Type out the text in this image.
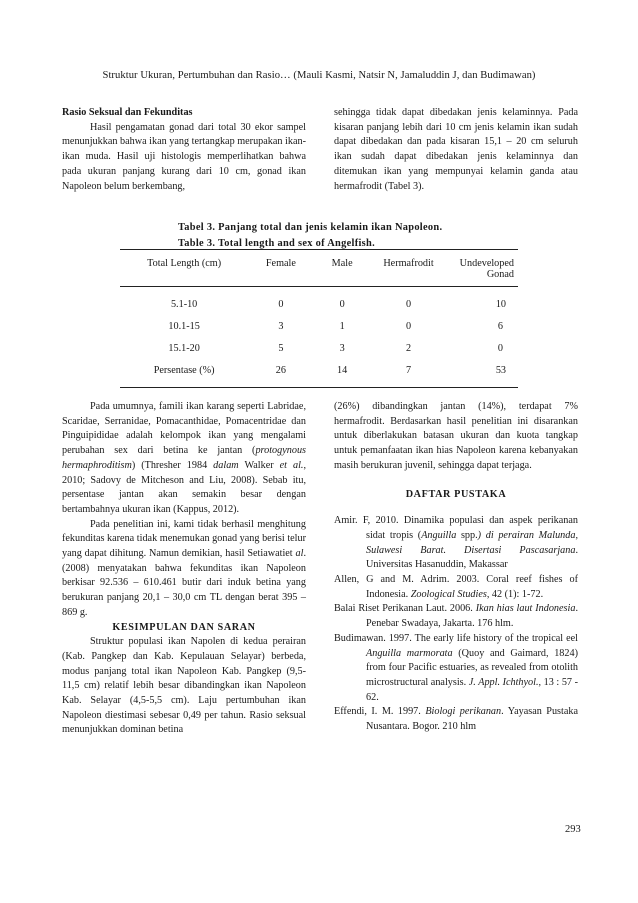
Struktur Ukuran, Pertumbuhan dan Rasio… (Mauli Kasmi, Natsir N, Jamaluddin J, dan Budimawan)

Rasio Seksual dan Fekunditas

Hasil pengamatan gonad dari total 30 ekor sampel menunjukkan bahwa ikan yang tertangkap merupakan ikan-ikan muda. Hasil uji histologis memperlihatkan bahwa pada ukuran panjang kurang dari 10 cm, gonad ikan Napoleon belum berkembang,

sehingga tidak dapat dibedakan jenis kelaminnya. Pada kisaran panjang lebih dari 10 cm jenis kelamin ikan sudah dapat dibedakan dan pada kisaran 15,1 – 20 cm seluruh ikan sudah dapat dibedakan jenis kelaminnya dan ditemukan ikan yang mempunyai kelamin ganda atau hermafrodit (Tabel 3).

Tabel 3. Panjang total dan jenis kelamin ikan Napoleon.
Table 3. Total length and sex of Angelfish.
Total Length (cm)	Female	Male	Hermafrodit	Undeveloped Gonad
5.1-10	0	0	0	10
10.1-15	3	1	0	6
15.1-20	5	3	2	0
Persentase (%)	26	14	7	53

Pada umumnya, famili ikan karang seperti Labridae, Scaridae, Serranidae, Pomacanthidae, Pomacentridae dan Pinguipididae adalah kelompok ikan yang mengalami perubahan sex dari betina ke jantan (protogynous hermaphroditism) (Thresher 1984 dalam Walker et al., 2010; Sadovy de Mitcheson and Liu, 2008). Sebab itu, persentase jantan akan semakin besar dengan bertambahnya ukuran ikan (Kappus, 2012).

Pada penelitian ini, kami tidak berhasil menghitung fekunditas karena tidak menemukan gonad yang berisi telur yang dapat dihitung. Namun demikian, hasil Setiawatiet al. (2008) menyatakan bahwa fekunditas ikan Napoleon berkisar 92.536 – 610.461 butir dari induk betina yang berukuran panjang 20,1 – 30,0 cm TL dengan berat 395 – 869 g.

KESIMPULAN DAN SARAN

Struktur populasi ikan Napolen di kedua perairan (Kab. Pangkep dan Kab. Kepulauan Selayar) berbeda, modus panjang total ikan Napoleon Kab. Pangkep (9,5-11,5 cm) relatif lebih besar dibandingkan ikan Napoleon Kab. Selayar (4,5-5,5 cm). Laju pertumbuhan ikan Napoleon diestimasi sebesar 0,49 per tahun. Rasio seksual menunjukkan dominan betina

(26%) dibandingkan jantan (14%), terdapat 7% hermafrodit. Berdasarkan hasil penelitian ini disarankan untuk diberlakukan batasan ukuran dan kuota tangkap untuk pemanfaatan ikan hias Napoleon karena kebanyakan masih berukuran juvenil, sehingga dapat terjaga.

DAFTAR PUSTAKA

Amir. F, 2010. Dinamika populasi dan aspek perikanan sidat tropis (Anguilla spp.) di perairan Malunda, Sulawesi Barat. Disertasi Pascasarjana. Universitas Hasanuddin, Makassar

Allen, G and M. Adrim. 2003. Coral reef fishes of Indonesia. Zoological Studies, 42 (1): 1-72.

Balai Riset Perikanan Laut. 2006. Ikan hias laut Indonesia. Penebar Swadaya, Jakarta. 176 hlm.

Budimawan. 1997. The early life history of the tropical eel Anguilla marmorata (Quoy and Gaimard, 1824) from four Pacific estuaries, as revealed from otolith microstructural analysis. J. Appl. Ichthyol., 13 : 57 - 62.

Effendi, I. M. 1997. Biologi perikanan. Yayasan Pustaka Nusantara. Bogor. 210 hlm

293
